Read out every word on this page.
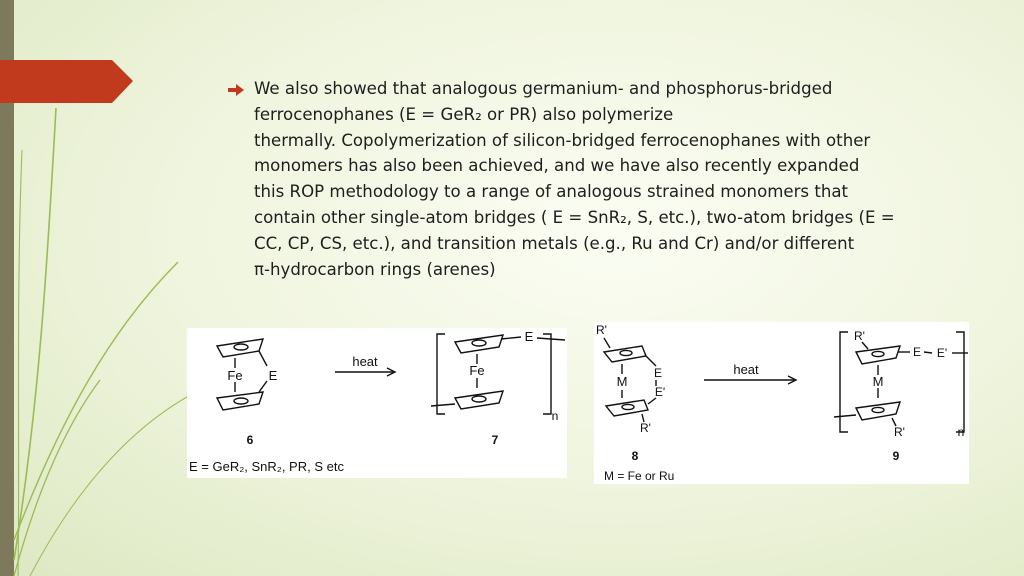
We also showed that analogous germanium- and phosphorus-bridged
ferrocenophanes (E = GeR₂ or PR) also polymerize
thermally. Copolymerization of silicon-bridged ferrocenophanes with other
monomers has also been achieved, and we have also recently expanded
this ROP methodology to a range of analogous strained monomers that
contain other single-atom bridges ( E = SnR₂, S, etc.), two-atom bridges (E =
CC, CP, CS, etc.), and transition metals (e.g., Ru and Cr) and/or different
π-hydrocarbon rings (arenes)
Fe E
heat
Fe
E
n
6	7
E = GeR₂, SnR₂, PR, S etc
R'
M
E
E'
R'
heat
R'
M
E E'
R'	n
8	9
M = Fe or Ru
